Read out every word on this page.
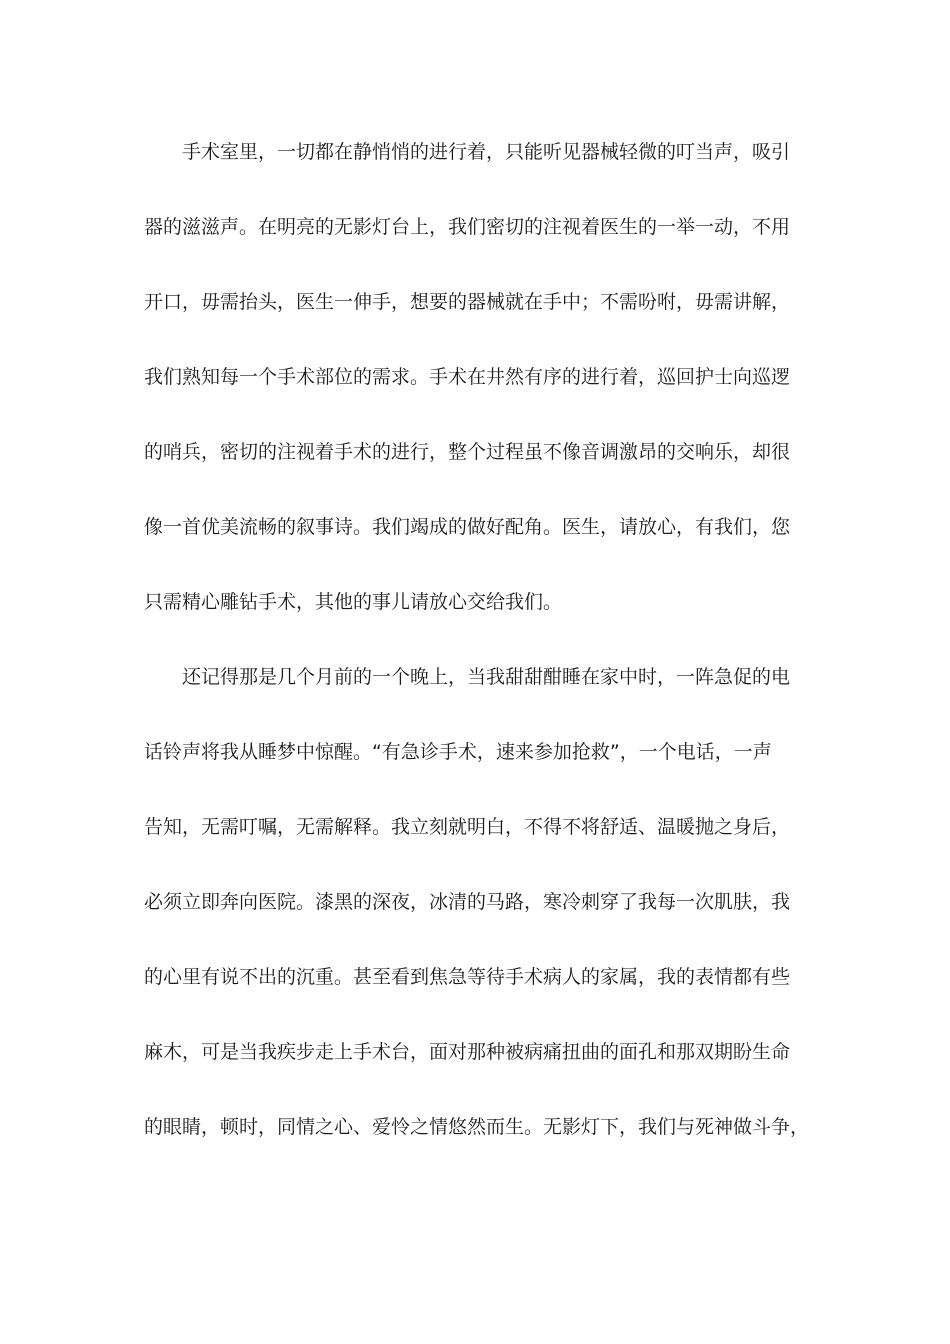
手术室里，一切都在静悄悄的进行着，只能听见器械轻微的叮当声，吸引
器的滋滋声。在明亮的无影灯台上，我们密切的注视着医生的一举一动，不用
开口，毋需抬头，医生一伸手，想要的器械就在手中；不需吩咐，毋需讲解，
我们熟知每一个手术部位的需求。手术在井然有序的进行着，巡回护士向巡逻
的哨兵，密切的注视着手术的进行，整个过程虽不像音调激昂的交响乐，却很
像一首优美流畅的叙事诗。我们竭成的做好配角。医生，请放心，有我们，您
只需精心雕钻手术，其他的事儿请放心交给我们。
还记得那是几个月前的一个晚上，当我甜甜酣睡在家中时，一阵急促的电
话铃声将我从睡梦中惊醒。“有急诊手术，速来参加抢救”，一个电话，一声
告知，无需叮嘱，无需解释。我立刻就明白，不得不将舒适、温暖抛之身后，
必须立即奔向医院。漆黑的深夜，冰清的马路，寒冷刺穿了我每一次肌肤，我
的心里有说不出的沉重。甚至看到焦急等待手术病人的家属，我的表情都有些
麻木，可是当我疾步走上手术台，面对那种被病痛扭曲的面孔和那双期盼生命
的眼睛，顿时，同情之心、爱怜之情悠然而生。无影灯下，我们与死神做斗争，
